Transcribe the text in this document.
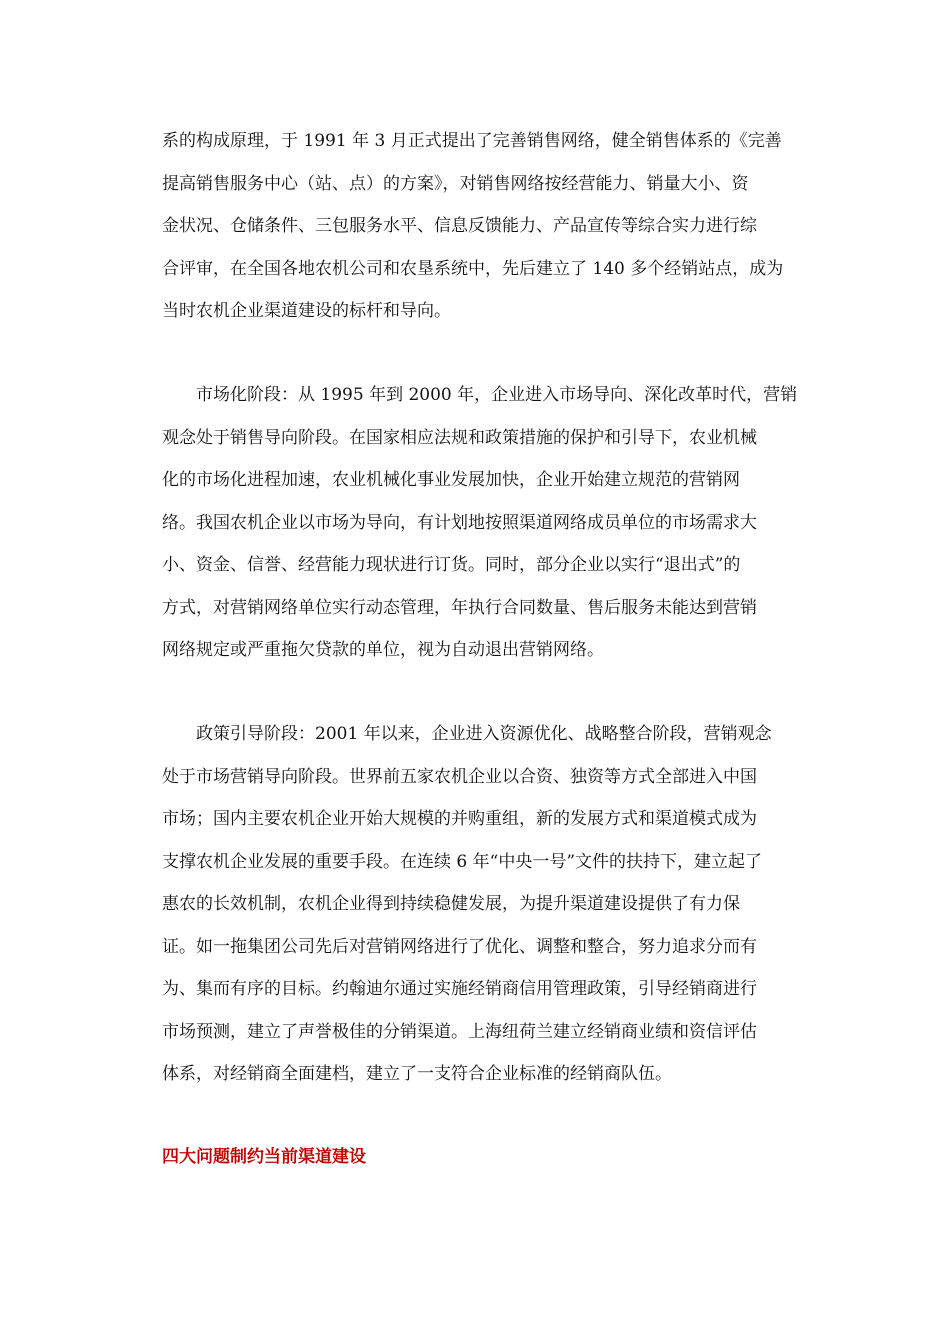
系的构成原理，于 1991 年 3 月正式提出了完善销售网络，健全销售体系的《完善
提高销售服务中心（站、点）的方案》，对销售网络按经营能力、销量大小、资
金状况、仓储条件、三包服务水平、信息反馈能力、产品宣传等综合实力进行综
合评审，在全国各地农机公司和农垦系统中，先后建立了 140 多个经销站点，成为
当时农机企业渠道建设的标杆和导向。
市场化阶段：从 1995 年到 2000 年，企业进入市场导向、深化改革时代，营销
观念处于销售导向阶段。在国家相应法规和政策措施的保护和引导下，农业机械
化的市场化进程加速，农业机械化事业发展加快，企业开始建立规范的营销网
络。我国农机企业以市场为导向，有计划地按照渠道网络成员单位的市场需求大
小、资金、信誉、经营能力现状进行订货。同时，部分企业以实行“退出式”的
方式，对营销网络单位实行动态管理，年执行合同数量、售后服务未能达到营销
网络规定或严重拖欠贷款的单位，视为自动退出营销网络。
政策引导阶段：2001 年以来，企业进入资源优化、战略整合阶段，营销观念
处于市场营销导向阶段。世界前五家农机企业以合资、独资等方式全部进入中国
市场；国内主要农机企业开始大规模的并购重组，新的发展方式和渠道模式成为
支撑农机企业发展的重要手段。在连续 6 年“中央一号”文件的扶持下，建立起了
惠农的长效机制，农机企业得到持续稳健发展，为提升渠道建设提供了有力保
证。如一拖集团公司先后对营销网络进行了优化、调整和整合，努力追求分而有
为、集而有序的目标。约翰迪尔通过实施经销商信用管理政策，引导经销商进行
市场预测，建立了声誉极佳的分销渠道。上海纽荷兰建立经销商业绩和资信评估
体系，对经销商全面建档，建立了一支符合企业标准的经销商队伍。
四大问题制约当前渠道建设
